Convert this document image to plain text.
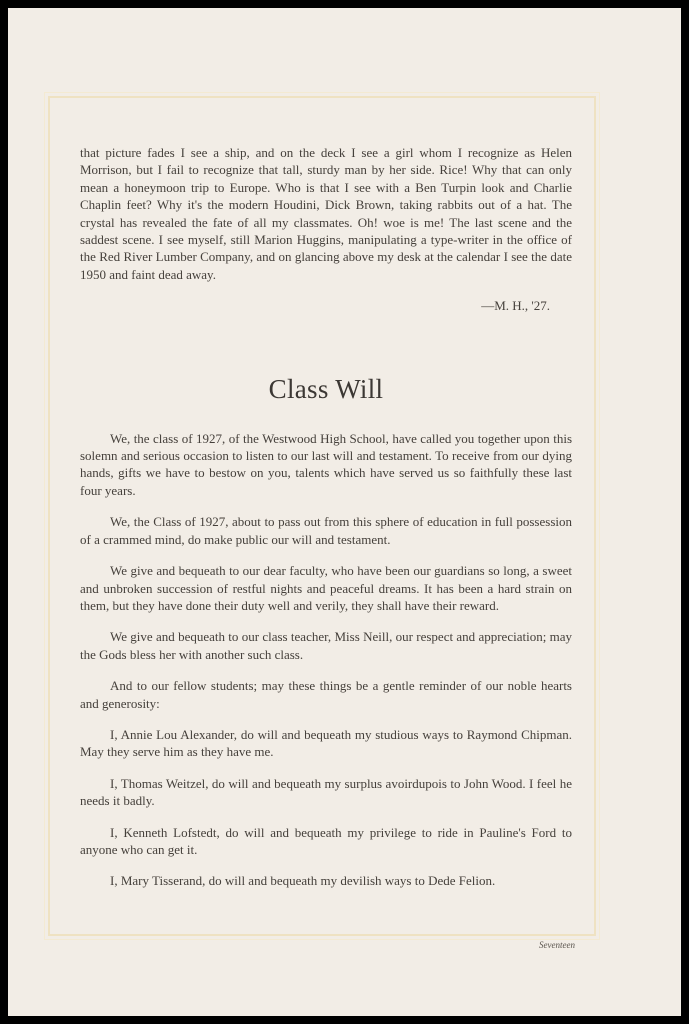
that picture fades I see a ship, and on the deck I see a girl whom I recognize as Helen Morrison, but I fail to recognize that tall, sturdy man by her side. Rice! Why that can only mean a honeymoon trip to Europe. Who is that I see with a Ben Turpin look and Charlie Chaplin feet? Why it's the modern Houdini, Dick Brown, taking rabbits out of a hat. The crystal has revealed the fate of all my classmates. Oh! woe is me! The last scene and the saddest scene. I see myself, still Marion Huggins, manipulating a type-writer in the office of the Red River Lumber Company, and on glancing above my desk at the calendar I see the date 1950 and faint dead away.

—M. H., '27.
Class Will

We, the class of 1927, of the Westwood High School, have called you together upon this solemn and serious occasion to listen to our last will and testament. To receive from our dying hands, gifts we have to bestow on you, talents which have served us so faithfully these last four years.

We, the Class of 1927, about to pass out from this sphere of education in full possession of a crammed mind, do make public our will and testament.

We give and bequeath to our dear faculty, who have been our guardians so long, a sweet and unbroken succession of restful nights and peaceful dreams. It has been a hard strain on them, but they have done their duty well and verily, they shall have their reward.

We give and bequeath to our class teacher, Miss Neill, our respect and appreciation; may the Gods bless her with another such class.

And to our fellow students; may these things be a gentle reminder of our noble hearts and generosity:

I, Annie Lou Alexander, do will and bequeath my studious ways to Raymond Chipman. May they serve him as they have me.

I, Thomas Weitzel, do will and bequeath my surplus avoirdupois to John Wood. I feel he needs it badly.

I, Kenneth Lofstedt, do will and bequeath my privilege to ride in Pauline's Ford to anyone who can get it.

I, Mary Tisserand, do will and bequeath my devilish ways to Dede Felion.

Seventeen
